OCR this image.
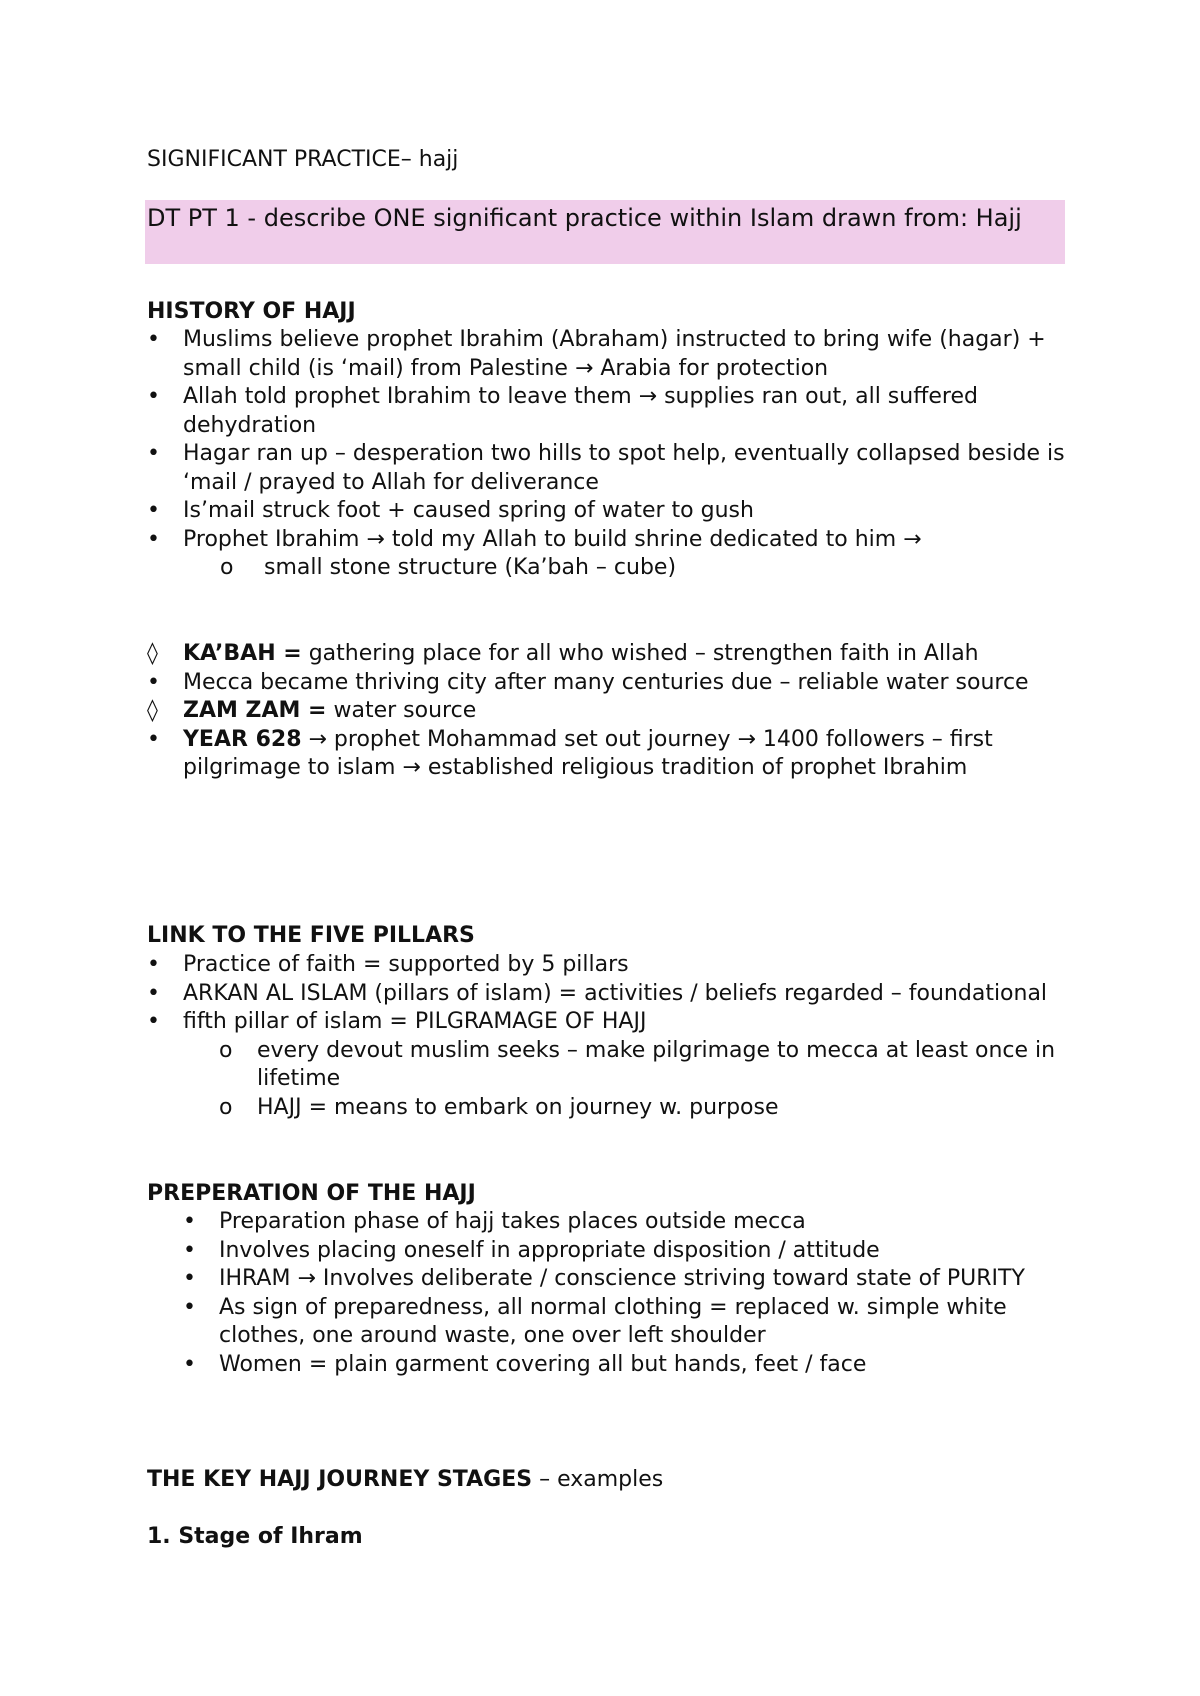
SIGNIFICANT PRACTICE– hajj
DT PT 1 - describe ONE significant practice within Islam drawn from: Hajj
HISTORY OF HAJJ
• Muslims believe prophet Ibrahim (Abraham) instructed to bring wife (hagar) + small child (is ‘mail) from Palestine → Arabia for protection
• Allah told prophet Ibrahim to leave them → supplies ran out, all suffered dehydration
• Hagar ran up – desperation two hills to spot help, eventually collapsed beside is ‘mail / prayed to Allah for deliverance
• Is’mail struck foot + caused spring of water to gush
• Prophet Ibrahim → told my Allah to build shrine dedicated to him →
o small stone structure (Ka’bah – cube)
◊ KA’BAH = gathering place for all who wished – strengthen faith in Allah
• Mecca became thriving city after many centuries due – reliable water source
◊ ZAM ZAM = water source
• YEAR 628 → prophet Mohammad set out journey → 1400 followers – first pilgrimage to islam → established religious tradition of prophet Ibrahim
LINK TO THE FIVE PILLARS
• Practice of faith = supported by 5 pillars
• ARKAN AL ISLAM (pillars of islam) = activities / beliefs regarded – foundational
• fifth pillar of islam = PILGRAMAGE OF HAJJ
o every devout muslim seeks – make pilgrimage to mecca at least once in lifetime
o HAJJ = means to embark on journey w. purpose
PREPERATION OF THE HAJJ
• Preparation phase of hajj takes places outside mecca
• Involves placing oneself in appropriate disposition / attitude
• IHRAM → Involves deliberate / conscience striving toward state of PURITY
• As sign of preparedness, all normal clothing = replaced w. simple white clothes, one around waste, one over left shoulder
• Women = plain garment covering all but hands, feet / face
THE KEY HAJJ JOURNEY STAGES – examples
1. Stage of Ihram
